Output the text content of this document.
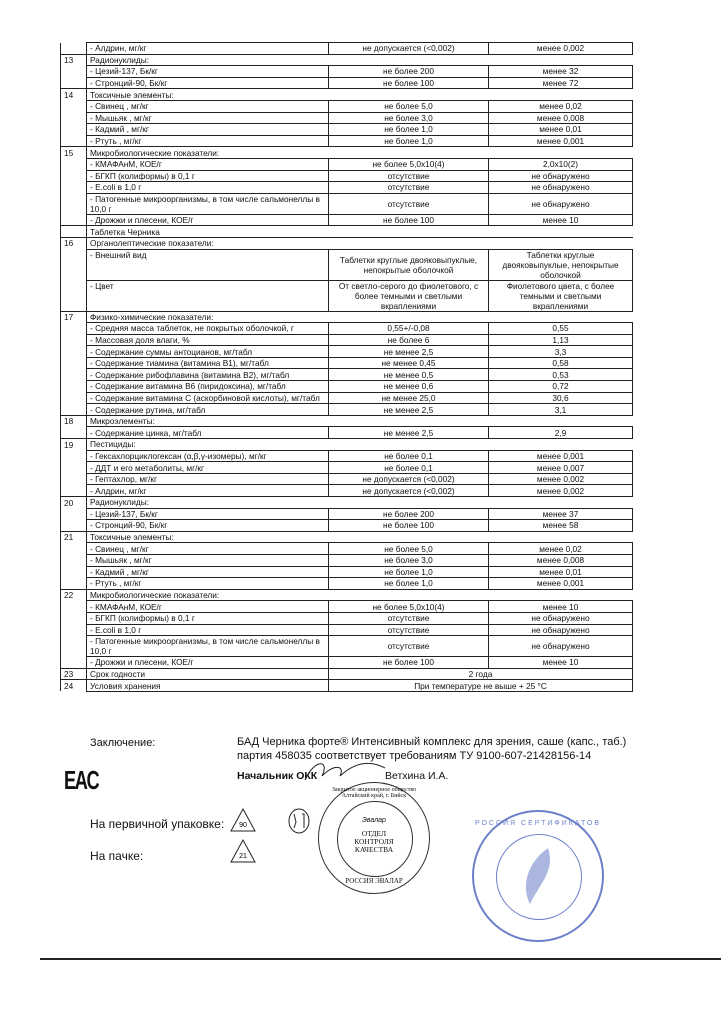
	- Алдрин, мг/кг	не допускается (<0,002)	менее 0,002
13	Радионуклиды:		
	- Цезий-137, Бк/кг	не более 200	менее 32
	- Стронций-90, Бк/кг	не более 100	менее 72
14	Токсичные элементы:		
	- Свинец , мг/кг	не более 5,0	менее 0,02
	- Мышьяк , мг/кг	не более 3,0	менее 0,008
	- Кадмий , мг/кг	не более 1,0	менее 0,01
	- Ртуть , мг/кг	не более 1,0	менее 0,001
15	Микробиологические показатели:		
	- КМАФАнМ, КОЕ/г	не более 5,0х10(4)	2,0х10(2)
	- БГКП (колиформы) в 0,1 г	отсутствие	не обнаружено
	- E.coli в 1,0 г	отсутствие	не обнаружено
	- Патогенные микроорганизмы, в том числе сальмонеллы в 10,0 г	отсутствие	не обнаружено
	- Дрожжи и плесени, КОЕ/г	не более 100	менее 10
	Таблетка Черника		
16	Органолептические показатели:		
	- Внешний вид	Таблетки круглые двояковыпуклые, непокрытые оболочкой	Таблетки круглые двояковыпуклые, непокрытые оболочкой
	- Цвет	От светло-серого до фиолетового, с более темными и светлыми вкраплениями	Фиолетового цвета, с более темными и светлыми вкраплениями
17	Физико-химические показатели:		
	- Средняя масса таблеток, не покрытых оболочкой, г	0,55+/-0,08	0,55
	- Массовая доля влаги, %	не более 6	1,13
	- Содержание суммы антоцианов, мг/табл	не менее 2,5	3,3
	- Содержание тиамина (витамина В1), мг/табл	не менее 0,45	0,58
	- Содержание рибофлавина (витамина В2), мг/табл	не менее 0,5	0,53
	- Содержание витамина В6 (пиридоксина), мг/табл	не менее 0,6	0,72
	- Содержание витамина С (аскорбиновой кислоты), мг/табл	не менее 25,0	30,6
	- Содержание рутина, мг/табл	не менее 2,5	3,1
18	Микроэлементы:		
	- Содержание цинка, мг/табл	не менее 2,5	2,9
19	Пестициды:		
	- Гексахлорциклогексан (α,β,γ-изомеры), мг/кг	не более 0,1	менее 0,001
	- ДДТ и его метаболиты, мг/кг	не более 0,1	менее 0,007
	- Гептахлор, мг/кг	не допускается (<0,002)	менее 0,002
	- Алдрин, мг/кг	не допускается (<0,002)	менее 0,002
20	Радионуклиды:		
	- Цезий-137, Бк/кг	не более 200	менее 37
	- Стронций-90, Бк/кг	не более 100	менее 58
21	Токсичные элементы:		
	- Свинец , мг/кг	не более 5,0	менее 0,02
	- Мышьяк , мг/кг	не более 3,0	менее 0,008
	- Кадмий , мг/кг	не более 1,0	менее 0,01
	- Ртуть , мг/кг	не более 1,0	менее 0,001
22	Микробиологические показатели:		
	- КМАФАнМ, КОЕ/г	не более 5,0х10(4)	менее 10
	- БГКП (колиформы) в 0,1 г	отсутствие	не обнаружено
	- E.coli в 1,0 г	отсутствие	не обнаружено
	- Патогенные микроорганизмы, в том числе сальмонеллы в 10,0 г	отсутствие	не обнаружено
	- Дрожжи и плесени, КОЕ/г	не более 100	менее 10
23	Срок годности	2 года	
24	Условия хранения	При температуре не выше + 25 °С	
Заключение:	БАД Черника форте® Интенсивный комплекс для зрения, саше (капс., таб.)
партия 458035 соответствует требованиям ТУ 9100-607-21428156-14
EAC	Начальник ОКК	Ветхина И.А.
На первичной упаковке: 90
На пачке:	21
Эвалар
ОТДЕЛ КОНТРОЛЯ КАЧЕСТВА
РОССИЯ ЭВАЛАР
Закрытое акционерное общество Алтайский край, г. Бийск
РОССИЯ СЕРТИФИКАТОВ
